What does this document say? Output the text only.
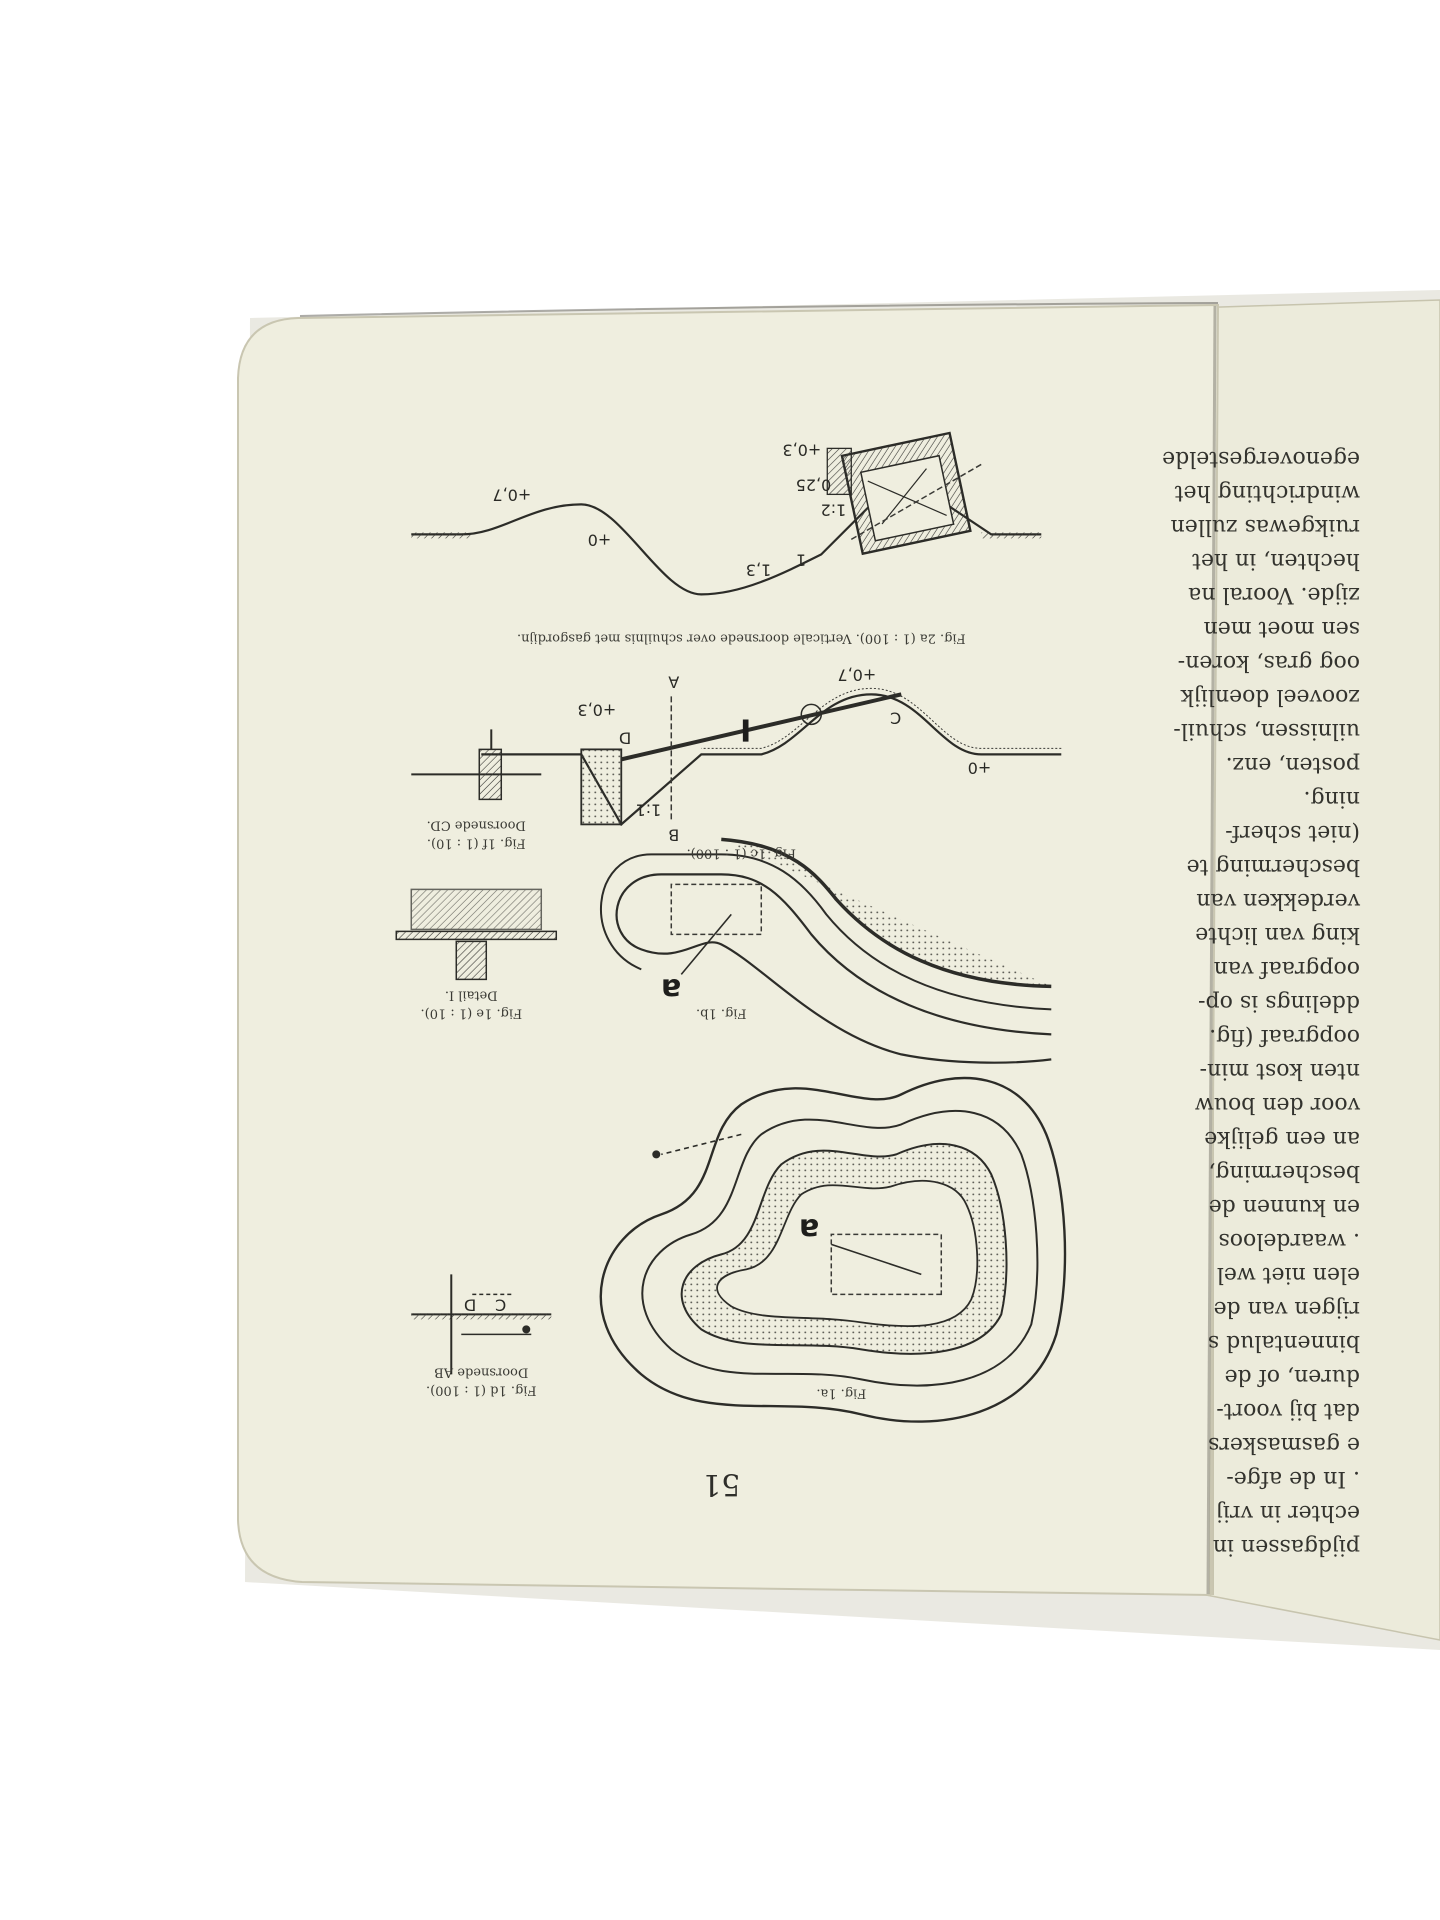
51
a
Fig. 1a.
C
D
Fig. 1d (1 : 100).
Doorsnede AB
a
Fig. 1b.
Fig. 1e (1 : 10).
Detail I.
A
B
C
D	I
+0,7
+0,3
+0
1:1
Fig. 1c (1 : 100).
Fig. 1f (1 : 10).
Doorsnede CD.
Fig. 2a (1 : 100). Verticale doorsnede over schuilnis met gasgordijn.
+0,7
+0
+0,3
1:2
0,25
1
1,3
pijdgassen in
echter in vrij
. In de afge-
e gasmaskers
dat bij voort-
duren, of de
binnentalud s
rijgen van de
elen niet wel
. waardeloos
en kunnen de
bescherming,
an een gelijke
voor den bouw
nten kost min-
oopgraaf (fig.
ddelings is op-
oopgraaf van
king van lichte
verdekken van
bescherming te
(niet scherf-
ning.
posten, enz.
uilnissen, schuil-
zooveel doenlijk
oog gras, koren-
sen moet men
zijde. Vooral na
hechten, in het
ruikgewas zullen
windrichting het
egenovergestelde
